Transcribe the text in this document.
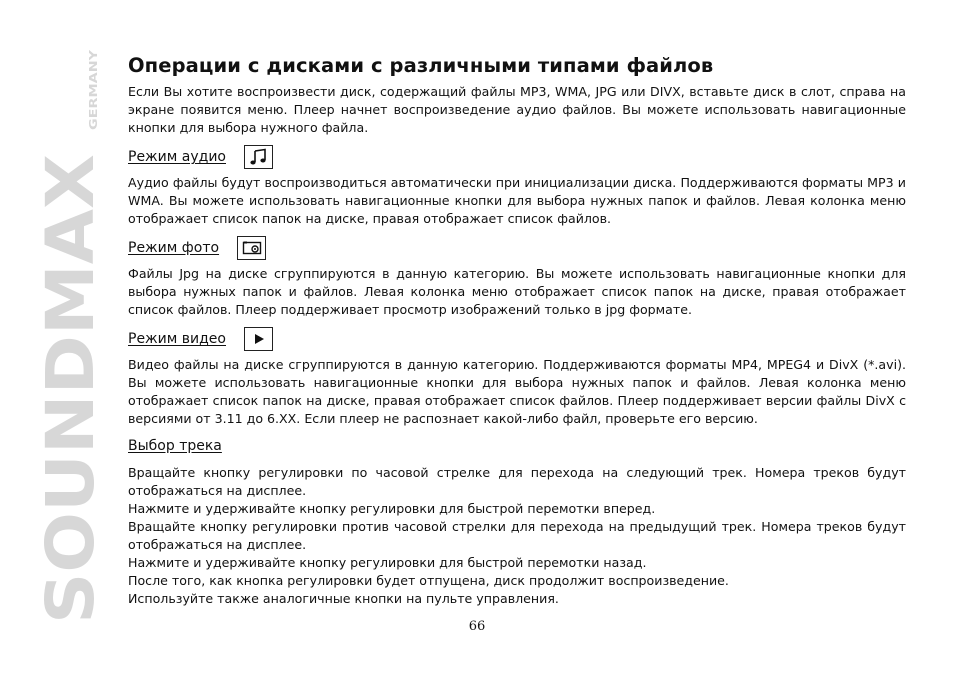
SOUNDMAX
GERMANY
Операции с дисками с различными типами файлов

Если Вы хотите воспроизвести диск, содержащий файлы MP3, WMA, JPG или DIVX, вставьте диск в слот, справа на экране появится меню. Плеер начнет воспроизведение аудио файлов. Вы можете использовать навигационные кнопки для выбора нужного файла.

Режим аудио

Аудио файлы будут воспроизводиться автоматически при инициализации диска. Поддерживаются форматы MP3 и WMA. Вы можете использовать навигационные кнопки для выбора нужных папок и файлов. Левая колонка меню отображает список папок на диске, правая отображает список файлов.

Режим фото

Файлы Jpg на диске сгруппируются в данную категорию. Вы можете использовать навигационные кнопки для выбора нужных папок и файлов. Левая колонка меню отображает список папок на диске, правая отображает список файлов. Плеер поддерживает просмотр изображений только в jpg формате.

Режим видео

Видео файлы на диске сгруппируются в данную категорию. Поддерживаются форматы MP4, MPEG4 и DivX (*.avi). Вы можете использовать навигационные кнопки для выбора нужных папок и файлов. Левая колонка меню отображает список папок на диске, правая отображает список файлов. Плеер поддерживает версии файлы DivX с версиями от 3.11 до 6.XX. Если плеер не распознает какой-либо файл, проверьте его версию.

Выбор трека

Вращайте кнопку регулировки по часовой стрелке для перехода на следующий трек. Номера треков будут отображаться на дисплее.

Нажмите и удерживайте кнопку регулировки для быстрой перемотки вперед.

Вращайте кнопку регулировки против часовой стрелки для перехода на предыдущий трек. Номера треков будут отображаться на дисплее.

Нажмите и удерживайте кнопку регулировки для быстрой перемотки назад.

После того, как кнопка регулировки будет отпущена, диск продолжит воспроизведение.

Используйте также аналогичные кнопки на пульте управления.

66
